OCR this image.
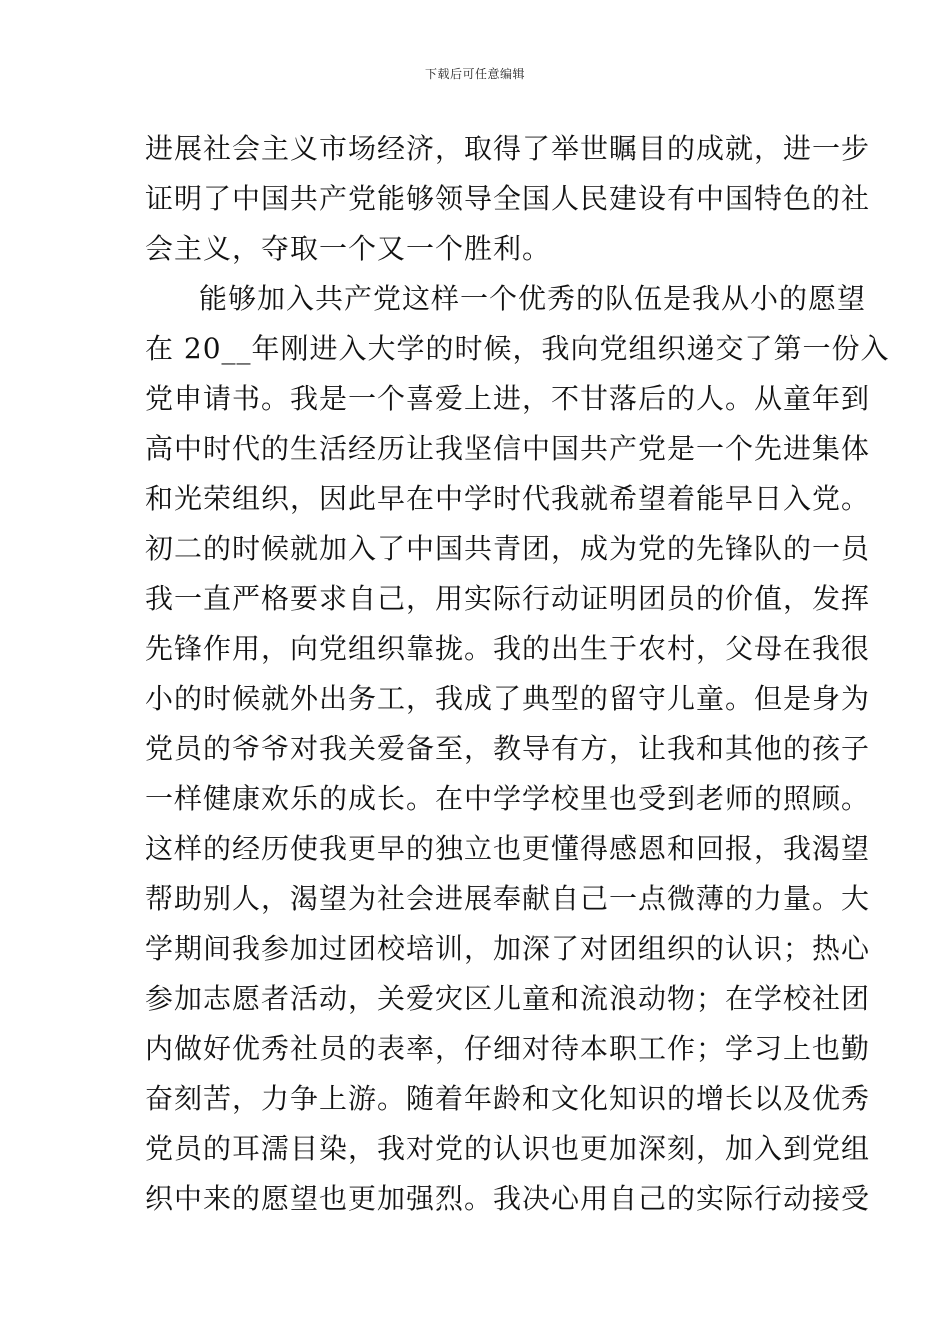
下载后可任意编辑
进展社会主义市场经济，取得了举世瞩目的成就，进一步
证明了中国共产党能够领导全国人民建设有中国特色的社
会主义，夺取一个又一个胜利。
能够加入共产党这样一个优秀的队伍是我从小的愿望
在 20__年刚进入大学的时候，我向党组织递交了第一份入
党申请书。我是一个喜爱上进，不甘落后的人。从童年到
高中时代的生活经历让我坚信中国共产党是一个先进集体
和光荣组织，因此早在中学时代我就希望着能早日入党。
初二的时候就加入了中国共青团，成为党的先锋队的一员
我一直严格要求自己，用实际行动证明团员的价值，发挥
先锋作用，向党组织靠拢。我的出生于农村，父母在我很
小的时候就外出务工，我成了典型的留守儿童。但是身为
党员的爷爷对我关爱备至，教导有方，让我和其他的孩子
一样健康欢乐的成长。在中学学校里也受到老师的照顾。
这样的经历使我更早的独立也更懂得感恩和回报，我渴望
帮助别人，渴望为社会进展奉献自己一点微薄的力量。大
学期间我参加过团校培训，加深了对团组织的认识；热心
参加志愿者活动，关爱灾区儿童和流浪动物；在学校社团
内做好优秀社员的表率，仔细对待本职工作；学习上也勤
奋刻苦，力争上游。随着年龄和文化知识的增长以及优秀
党员的耳濡目染，我对党的认识也更加深刻，加入到党组
织中来的愿望也更加强烈。我决心用自己的实际行动接受
